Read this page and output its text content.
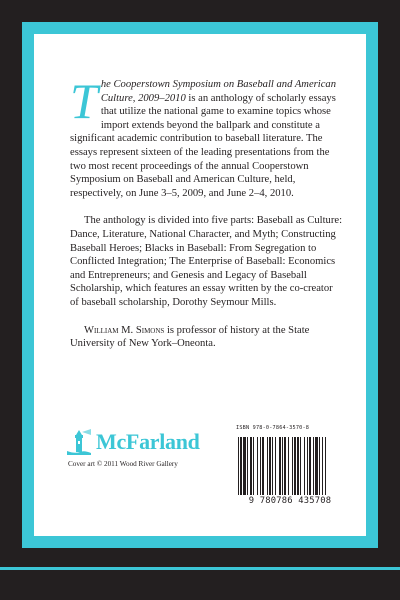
The Cooperstown Symposium on Baseball and American Culture, 2009–2010 is an anthology of scholarly essays that utilize the national game to examine topics whose import extends beyond the ballpark and constitute a significant academic contribution to baseball literature. The essays represent sixteen of the leading presentations from the two most recent proceedings of the annual Cooperstown Symposium on Baseball and American Culture, held, respectively, on June 3–5, 2009, and June 2–4, 2010.

The anthology is divided into five parts: Baseball as Culture: Dance, Literature, National Character, and Myth; Constructing Baseball Heroes; Blacks in Baseball: From Segregation to Conflicted Integration; The Enterprise of Baseball: Economics and Entrepreneurs; and Genesis and Legacy of Baseball Scholarship, which features an essay written by the co-creator of baseball scholarship, Dorothy Seymour Mills.

William M. Simons is professor of history at the State University of New York–Oneonta.

McFarland
Cover art © 2011 Wood River Gallery
ISBN 978-0-7864-3570-8
9 780786 435708
